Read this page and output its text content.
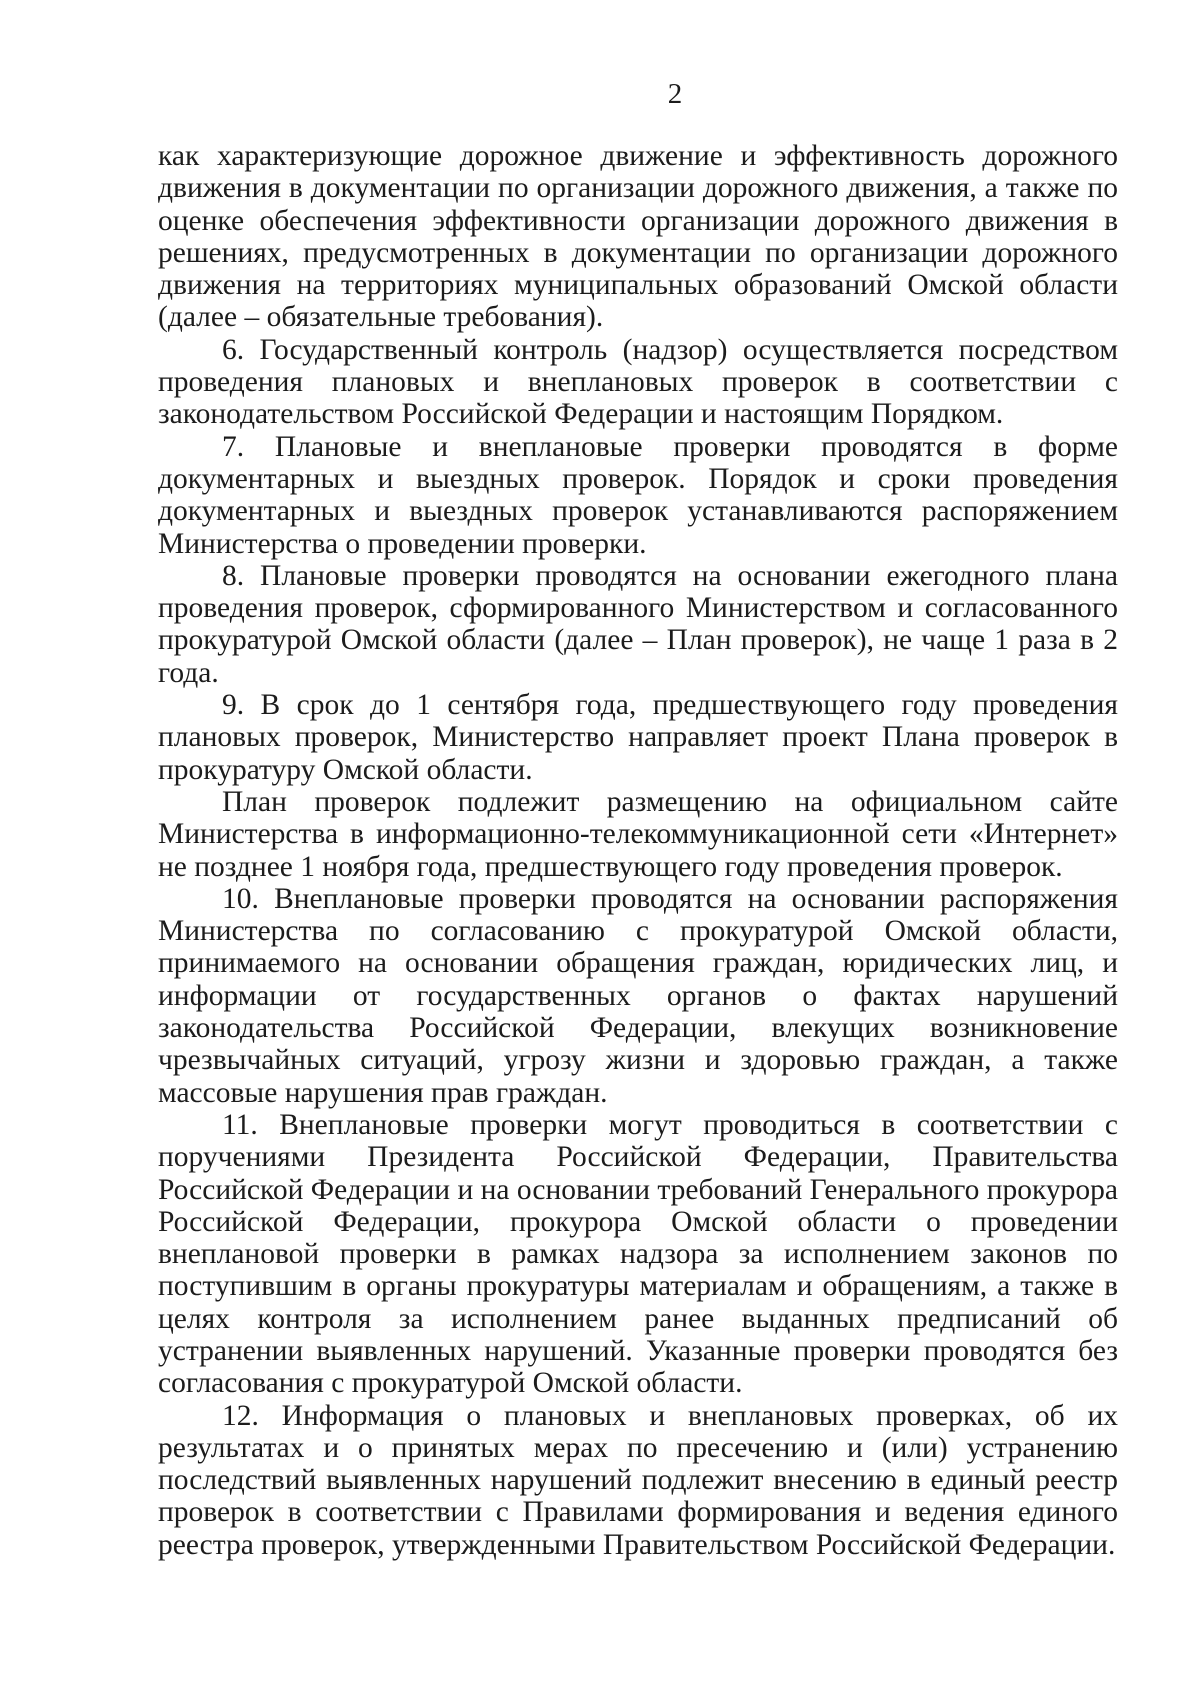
2

как характеризующие дорожное движение и эффективность дорожного движения в документации по организации дорожного движения, а также по оценке обеспечения эффективности организации дорожного движения в решениях, предусмотренных в документации по организации дорожного движения на территориях муниципальных образований Омской области (далее – обязательные требования).

6. Государственный контроль (надзор) осуществляется посредством проведения плановых и внеплановых проверок в соответствии с законодательством Российской Федерации и настоящим Порядком.

7. Плановые и внеплановые проверки проводятся в форме документарных и выездных проверок. Порядок и сроки проведения документарных и выездных проверок устанавливаются распоряжением Министерства о проведении проверки.

8. Плановые проверки проводятся на основании ежегодного плана проведения проверок, сформированного Министерством и согласованного прокуратурой Омской области (далее – План проверок), не чаще 1 раза в 2 года.

9. В срок до 1 сентября года, предшествующего году проведения плановых проверок, Министерство направляет проект Плана проверок в прокуратуру Омской области.

План проверок подлежит размещению на официальном сайте Министерства в информационно-телекоммуникационной сети «Интернет» не позднее 1 ноября года, предшествующего году проведения проверок.

10. Внеплановые проверки проводятся на основании распоряжения Министерства по согласованию с прокуратурой Омской области, принимаемого на основании обращения граждан, юридических лиц, и информации от государственных органов о фактах нарушений законодательства Российской Федерации, влекущих возникновение чрезвычайных ситуаций, угрозу жизни и здоровью граждан, а также массовые нарушения прав граждан.

11. Внеплановые проверки могут проводиться в соответствии с поручениями Президента Российской Федерации, Правительства Российской Федерации и на основании требований Генерального прокурора Российской Федерации, прокурора Омской области о проведении внеплановой проверки в рамках надзора за исполнением законов по поступившим в органы прокуратуры материалам и обращениям, а также в целях контроля за исполнением ранее выданных предписаний об устранении выявленных нарушений. Указанные проверки проводятся без согласования с прокуратурой Омской области.

12. Информация о плановых и внеплановых проверках, об их результатах и о принятых мерах по пресечению и (или) устранению последствий выявленных нарушений подлежит внесению в единый реестр проверок в соответствии с Правилами формирования и ведения единого реестра проверок, утвержденными Правительством Российской Федерации.
